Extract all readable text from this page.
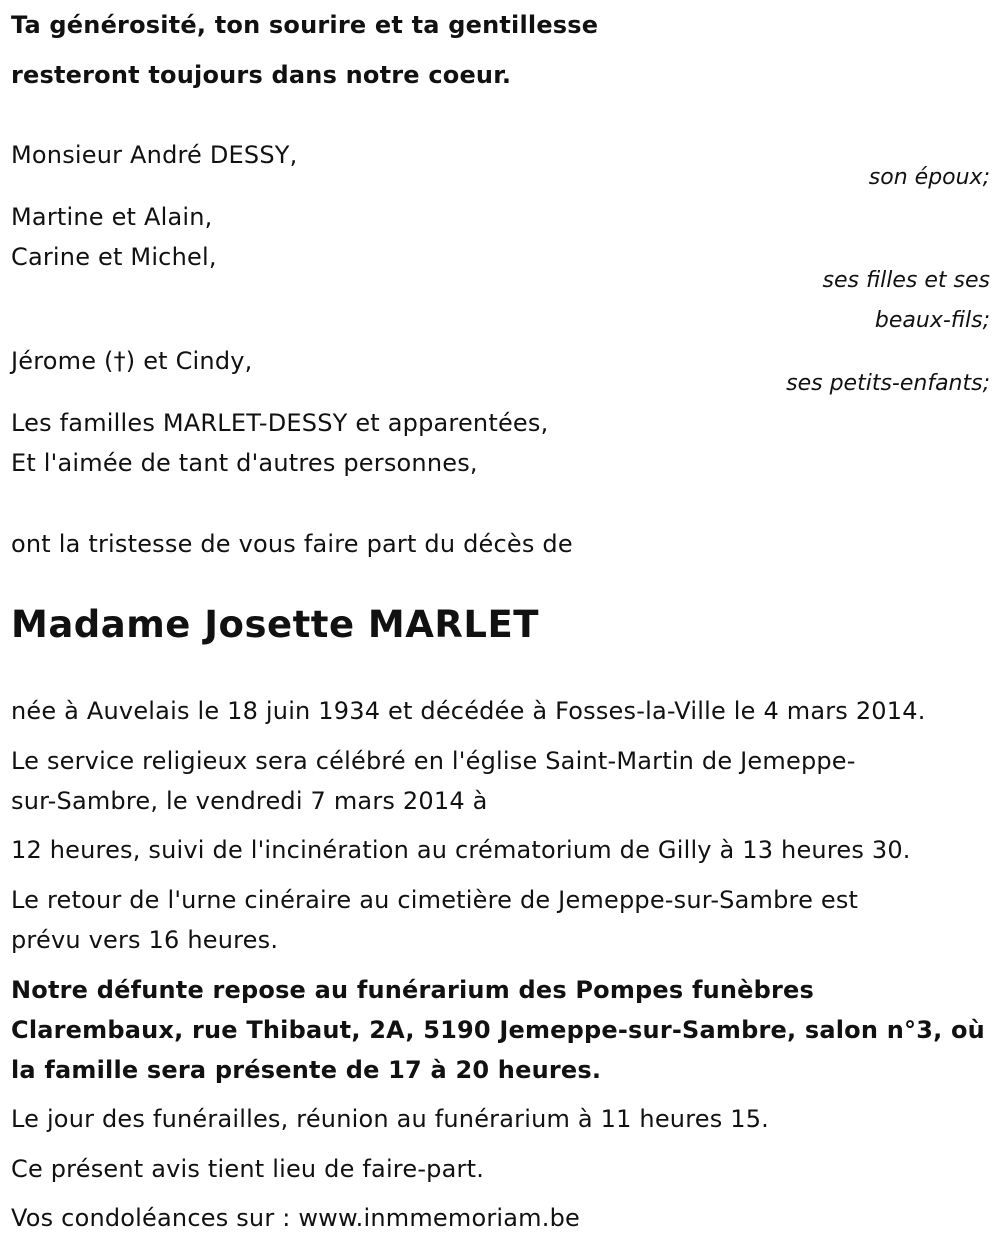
Ta générosité, ton sourire et ta gentillesse
resteront toujours dans notre coeur.
Monsieur André DESSY,
son époux;
Martine et Alain,
Carine et Michel,
ses filles et ses
beaux-fils;
Jérome (†) et Cindy,
ses petits-enfants;
Les familles MARLET-DESSY et apparentées,
Et l'aimée de tant d'autres personnes,
ont la tristesse de vous faire part du décès de
Madame Josette MARLET
née à Auvelais le 18 juin 1934 et décédée à Fosses-la-Ville le 4 mars 2014.
Le service religieux sera célébré en l'église Saint-Martin de Jemeppe-
sur-Sambre, le vendredi 7 mars 2014 à
12 heures, suivi de l'incinération au crématorium de Gilly à 13 heures 30.
Le retour de l'urne cinéraire au cimetière de Jemeppe-sur-Sambre est
prévu vers 16 heures.
Notre défunte repose au funérarium des Pompes funèbres
Clarembaux, rue Thibaut, 2A, 5190 Jemeppe-sur-Sambre, salon n°3, où
la famille sera présente de 17 à 20 heures.
Le jour des funérailles, réunion au funérarium à 11 heures 15.
Ce présent avis tient lieu de faire-part.
Vos condoléances sur : www.inmmemoriam.be
